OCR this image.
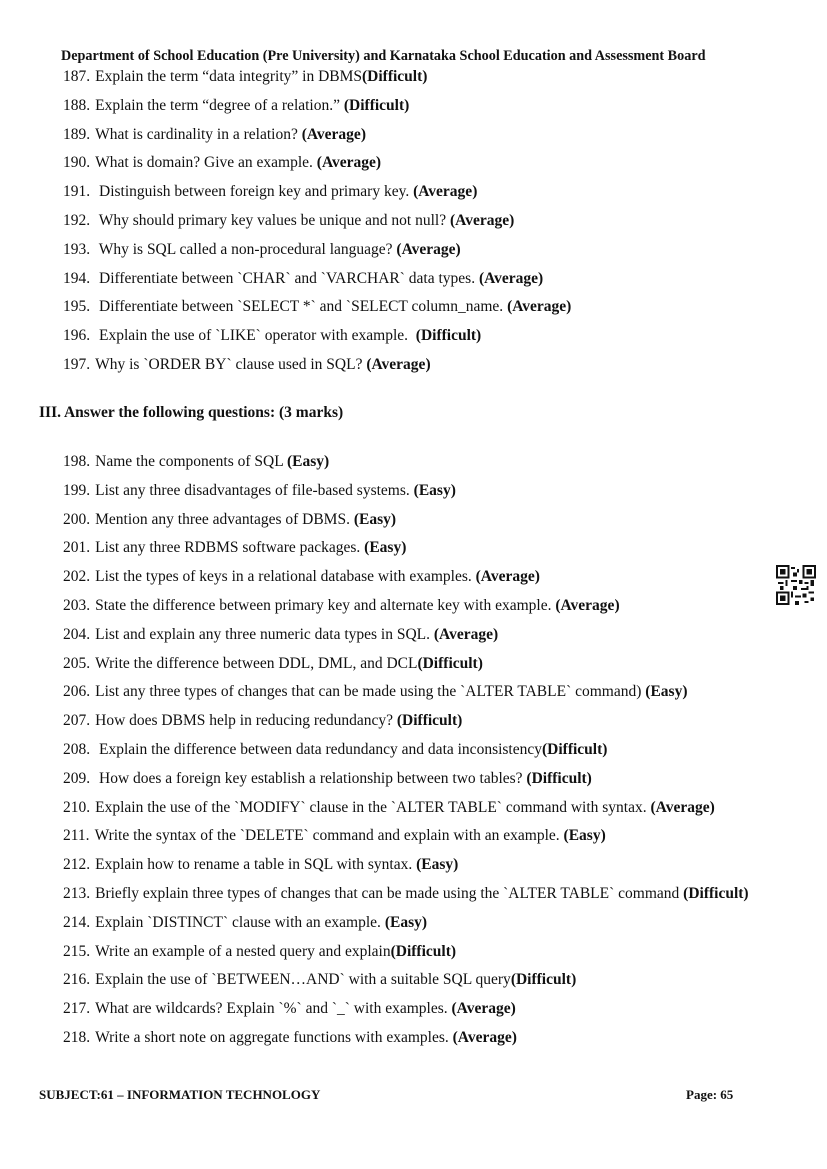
Department of School Education (Pre University) and Karnataka School Education and Assessment Board
187. Explain the term “data integrity” in DBMS(Difficult)
188. Explain the term “degree of a relation.” (Difficult)
189. What is cardinality in a relation? (Average)
190. What is domain? Give an example. (Average)
191. Distinguish between foreign key and primary key. (Average)
192. Why should primary key values be unique and not null? (Average)
193. Why is SQL called a non-procedural language? (Average)
194. Differentiate between `CHAR` and `VARCHAR` data types. (Average)
195. Differentiate between `SELECT *` and `SELECT column_name. (Average)
196. Explain the use of `LIKE` operator with example.  (Difficult)
197. Why is `ORDER BY` clause used in SQL? (Average)
198. Name the components of SQL (Easy)
199. List any three disadvantages of file-based systems. (Easy)
200. Mention any three advantages of DBMS. (Easy)
201. List any three RDBMS software packages. (Easy)
202. List the types of keys in a relational database with examples. (Average)
203. State the difference between primary key and alternate key with example. (Average)
204. List and explain any three numeric data types in SQL. (Average)
205. Write the difference between DDL, DML, and DCL(Difficult)
206. List any three types of changes that can be made using the `ALTER TABLE` command) (Easy)
207. How does DBMS help in reducing redundancy? (Difficult)
208. Explain the difference between data redundancy and data inconsistency(Difficult)
209. How does a foreign key establish a relationship between two tables? (Difficult)
210. Explain the use of the `MODIFY` clause in the `ALTER TABLE` command with syntax. (Average)
211. Write the syntax of the `DELETE` command and explain with an example. (Easy)
212. Explain how to rename a table in SQL with syntax. (Easy)
213. Briefly explain three types of changes that can be made using the `ALTER TABLE` command (Difficult)
214. Explain `DISTINCT` clause with an example. (Easy)
215. Write an example of a nested query and explain(Difficult)
216. Explain the use of `BETWEEN…AND` with a suitable SQL query(Difficult)
217. What are wildcards? Explain `%` and `_` with examples. (Average)
218. Write a short note on aggregate functions with examples. (Average)
III. Answer the following questions: (3 marks)
SUBJECT:61 – INFORMATION TECHNOLOGY	Page: 65
